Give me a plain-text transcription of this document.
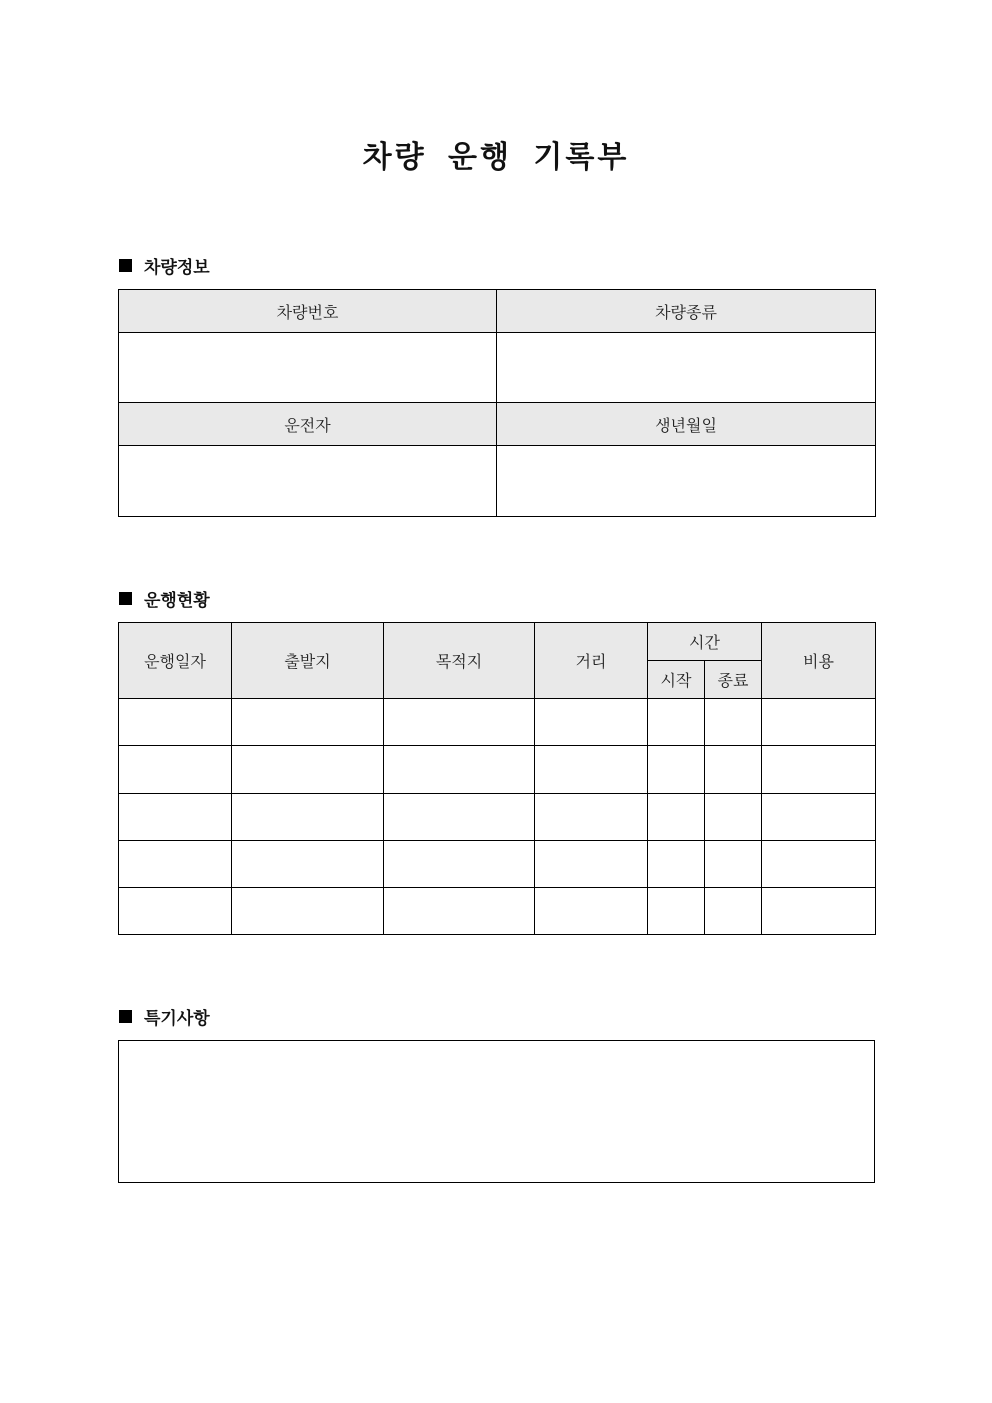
차량 운행 기록부
차량정보
차량번호	차량종류

운전자	생년월일

운행현황
운행일자	출발지	목적지	거리	시간		비용
				시작	종료	

특기사항
